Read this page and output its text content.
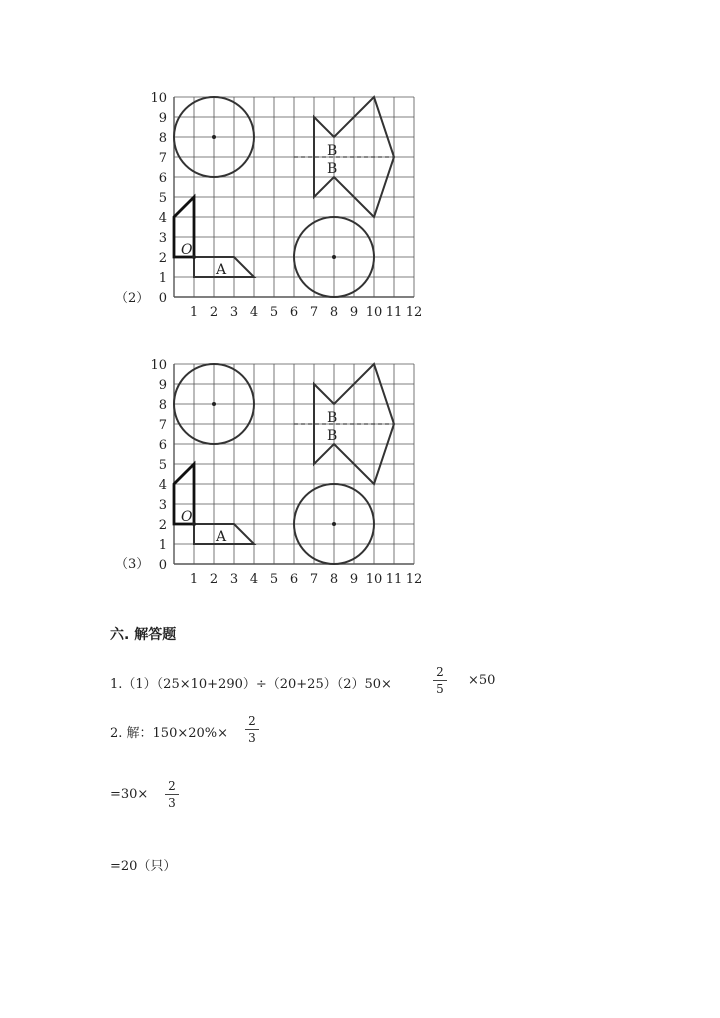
（2）
1 2 3 4 5 6 7 8 9 10 11 12
0
1
2
3
4
5
6
7
8
9
10
O
A
B
B
（3）
1 2 3 4 5 6 7 8 9 10 11 12
0
1
2
3
4
5
6
7
8
9
10
O
A
B
B
六. 解答题
1.（1）（25×10+290）÷（20+25）（2）50×
2
5
×50
2. 解：150×20%×
2
3
=30×
2
3
=20（只）
